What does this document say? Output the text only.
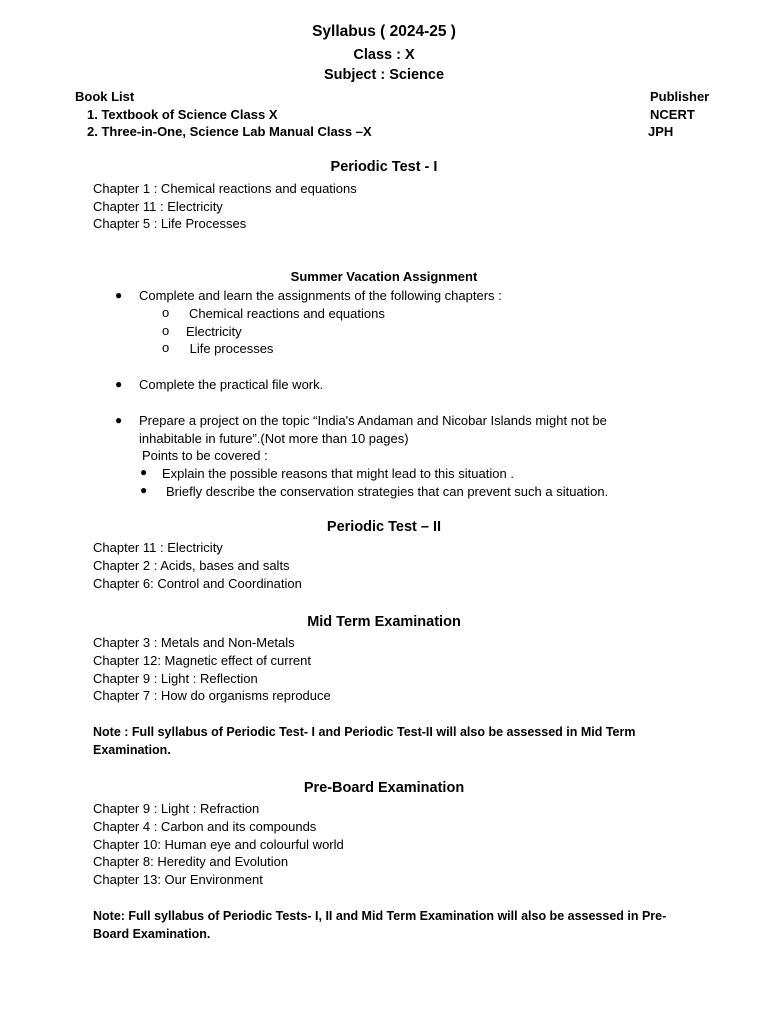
Syllabus ( 2024-25 )
Class : X
Subject : Science
Book List	Publisher
1. Textbook of Science Class X	NCERT
2. Three-in-One, Science Lab Manual Class –X	JPH
Periodic Test - I
Chapter 1 : Chemical reactions and equations
Chapter 11 : Electricity
Chapter 5 : Life Processes
Summer Vacation Assignment
● Complete and learn the assignments of the following chapters :
o Chemical reactions and equations
o Electricity
o Life processes
● Complete the practical file work.
● Prepare a project on the topic “India's Andaman and Nicobar Islands might not be
inhabitable in future”.(Not more than 10 pages)
Points to be covered :
● Explain the possible reasons that might lead to this situation .
● Briefly describe the conservation strategies that can prevent such a situation.
Periodic Test – II
Chapter 11 : Electricity
Chapter 2 : Acids, bases and salts
Chapter 6: Control and Coordination
Mid Term Examination
Chapter 3 : Metals and Non-Metals
Chapter 12: Magnetic effect of current
Chapter 9 : Light : Reflection
Chapter 7 : How do organisms reproduce
Note : Full syllabus of Periodic Test- I and Periodic Test-II will also be assessed in Mid Term
Examination.
Pre-Board Examination
Chapter 9 : Light : Refraction
Chapter 4 : Carbon and its compounds
Chapter 10: Human eye and colourful world
Chapter 8: Heredity and Evolution
Chapter 13: Our Environment
Note: Full syllabus of Periodic Tests- I, II and Mid Term Examination will also be assessed in Pre-
Board Examination.
